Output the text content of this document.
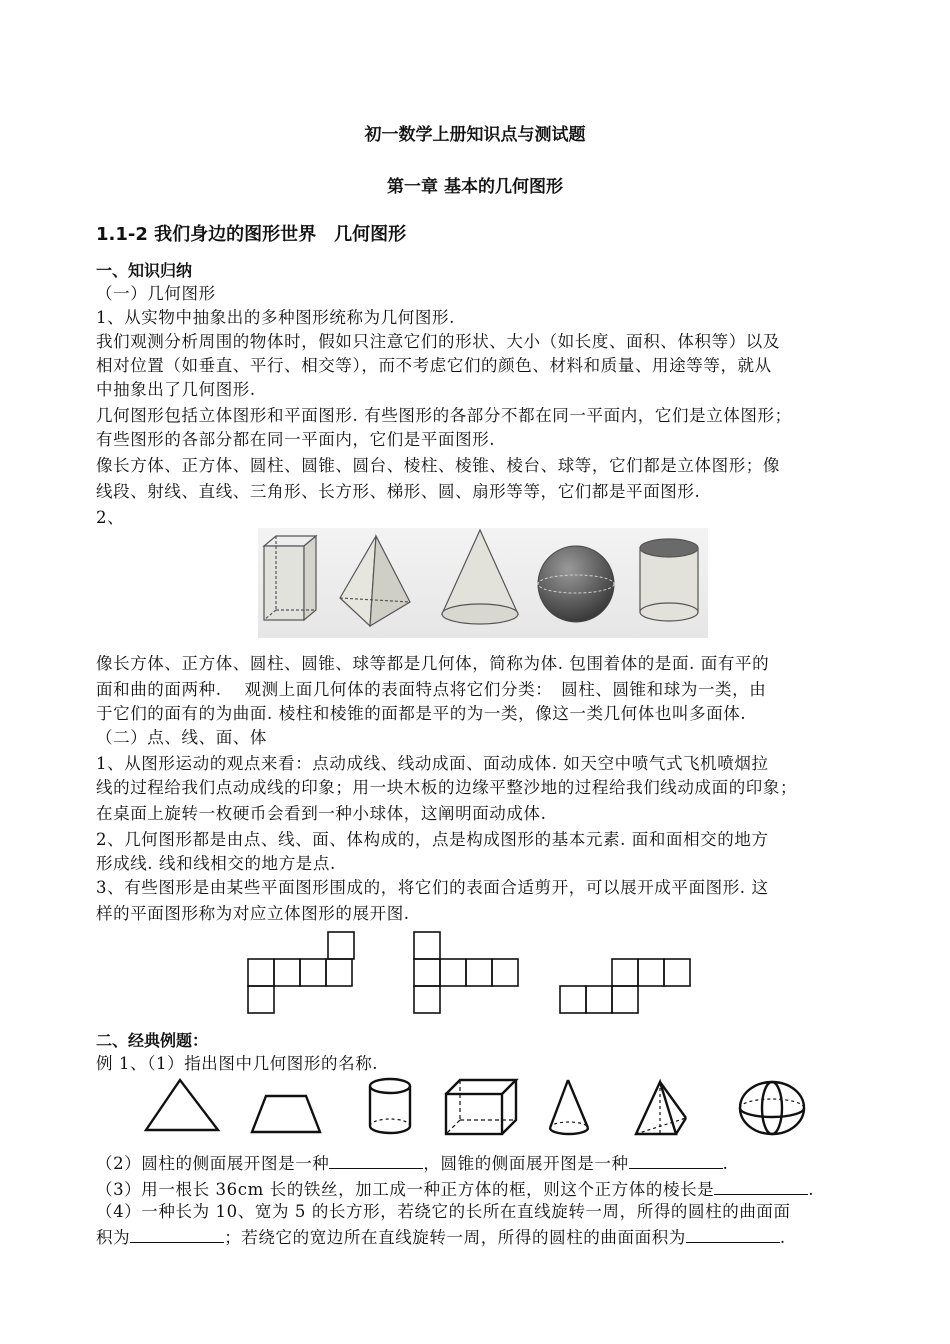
初一数学上册知识点与测试题
第一章 基本的几何图形
1.1-2 我们身边的图形世界　几何图形
一、知识归纳
（一）几何图形
1、从实物中抽象出的多种图形统称为几何图形.
我们观测分析周围的物体时，假如只注意它们的形状、大小（如长度、面积、体积等）以及
相对位置（如垂直、平行、相交等），而不考虑它们的颜色、材料和质量、用途等等，就从
中抽象出了几何图形.
几何图形包括立体图形和平面图形. 有些图形的各部分不都在同一平面内，它们是立体图形；
有些图形的各部分都在同一平面内，它们是平面图形.
像长方体、正方体、圆柱、圆锥、圆台、棱柱、棱锥、棱台、球等，它们都是立体图形；像
线段、射线、直线、三角形、长方形、梯形、圆、扇形等等，它们都是平面图形.
2、
像长方体、正方体、圆柱、圆锥、球等都是几何体，简称为体. 包围着体的是面. 面有平的
面和曲的面两种.　 观测上面几何体的表面特点将它们分类：　圆柱、圆锥和球为一类，由
于它们的面有的为曲面. 棱柱和棱锥的面都是平的为一类，像这一类几何体也叫多面体.
（二）点、线、面、体
1、从图形运动的观点来看：点动成线、线动成面、面动成体. 如天空中喷气式飞机喷烟拉
线的过程给我们点动成线的印象；用一块木板的边缘平整沙地的过程给我们线动成面的印象；
在桌面上旋转一枚硬币会看到一种小球体，这阐明面动成体.
2、几何图形都是由点、线、面、体构成的，点是构成图形的基本元素. 面和面相交的地方
形成线. 线和线相交的地方是点.
3、有些图形是由某些平面图形围成的，将它们的表面合适剪开，可以展开成平面图形. 这
样的平面图形称为对应立体图形的展开图.
二、经典例题：
例 1、（1）指出图中几何图形的名称.
（2）圆柱的侧面展开图是一种	，圆锥的侧面展开图是一种	.
（3）用一根长 36cm 长的铁丝，加工成一种正方体的框，则这个正方体的棱长是	.
（4）一种长为 10、宽为 5 的长方形，若绕它的长所在直线旋转一周，所得的圆柱的曲面面
积为	；若绕它的宽边所在直线旋转一周，所得的圆柱的曲面面积为	.
